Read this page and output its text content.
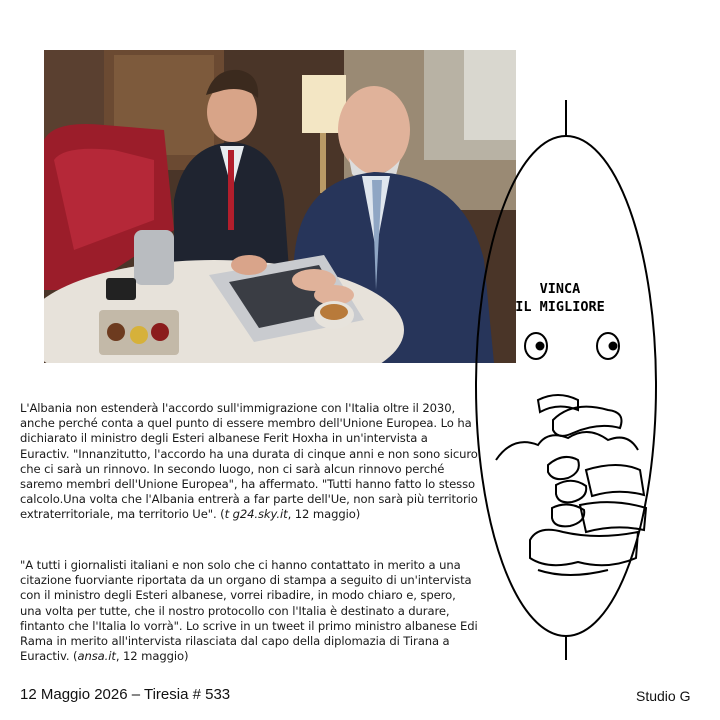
VINCA
IL MIGLIORE
L'Albania non estenderà l'accordo sull'immigrazione con l'Italia oltre il 2030, anche perché conta a quel punto di essere membro dell'Unione Europea. Lo ha dichiarato il ministro degli Esteri albanese Ferit Hoxha in un'intervista a Euractiv. "Innanzitutto, l'accordo ha una durata di cinque anni e non sono sicuro che ci sarà un rinnovo. In secondo luogo, non ci sarà alcun rinnovo perché saremo membri dell'Unione Europea", ha affermato. "Tutti hanno fatto lo stesso calcolo.Una volta che l'Albania entrerà a far parte dell'Ue, non sarà più territorio extraterritoriale, ma territorio Ue". (t g24.sky.it, 12 maggio)
"A tutti i giornalisti italiani e non solo che ci hanno contattato in merito a una citazione fuorviante riportata da un organo di stampa a seguito di un'intervista con il ministro degli Esteri albanese, vorrei ribadire, in modo chiaro e, spero, una volta per tutte, che il nostro protocollo con l'Italia è destinato a durare, fintanto che l'Italia lo vorrà". Lo scrive in un tweet il primo ministro albanese Edi Rama in merito all'intervista rilasciata dal capo della diplomazia di Tirana a Euractiv. (ansa.it, 12 maggio)
12 Maggio 2026 – Tiresia # 533	Studio G
